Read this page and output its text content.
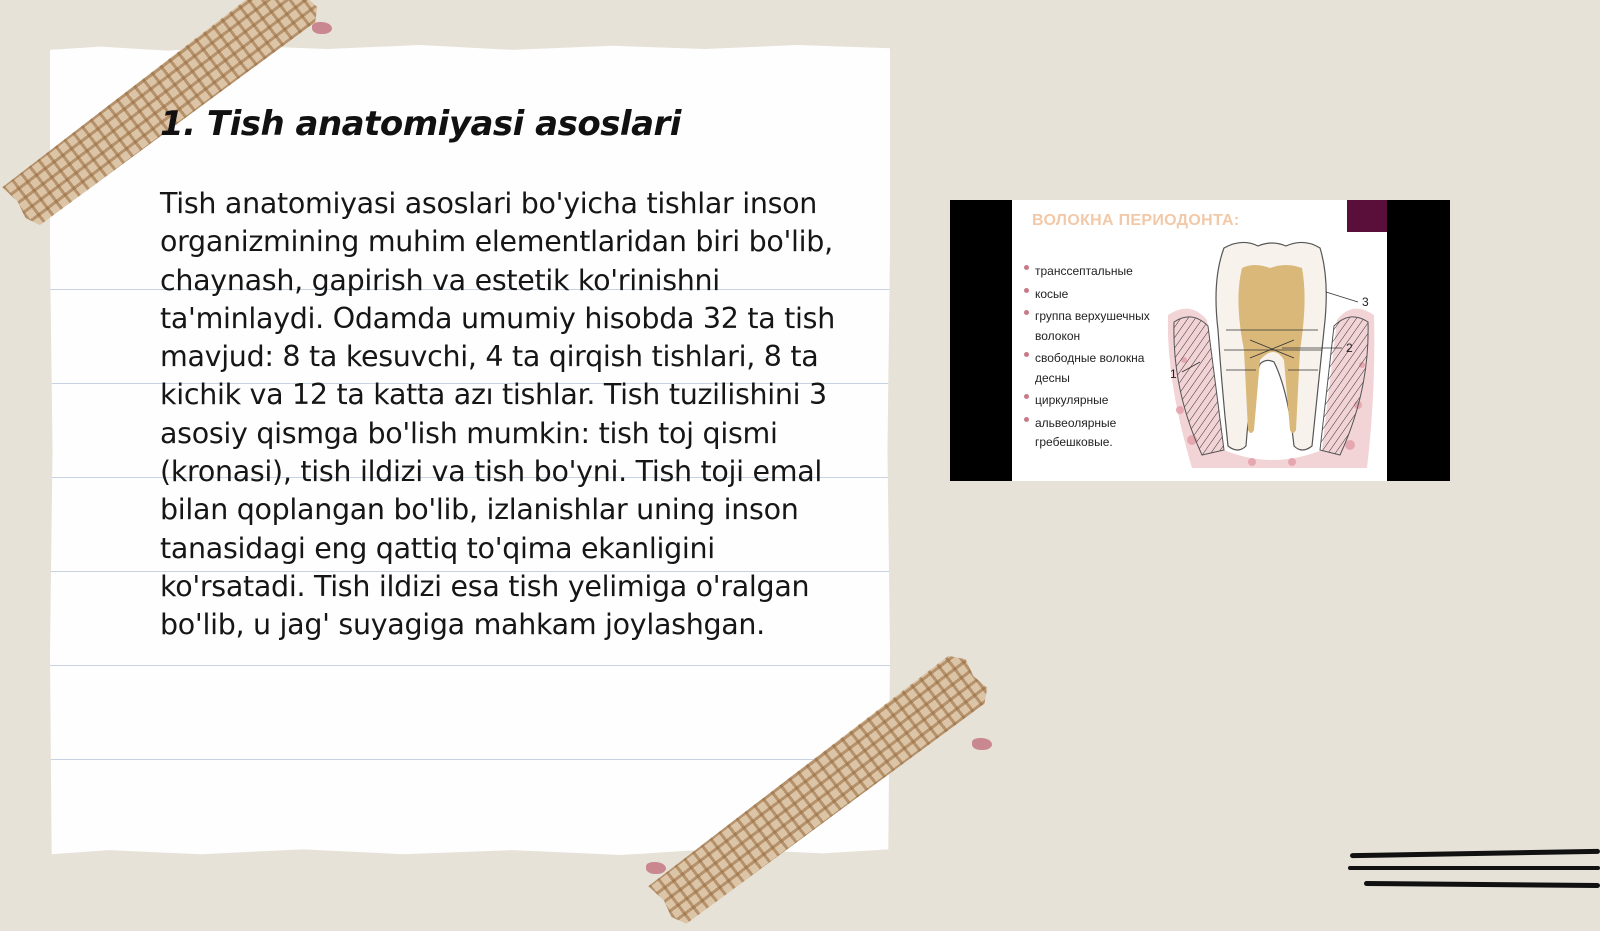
1. Tish anatomiyasi asoslari

Tish anatomiyasi asoslari bo'yicha tishlar inson organizmining muhim elementlaridan biri bo'lib, chaynash, gapirish va estetik ko'rinishni ta'minlaydi. Odamda umumiy hisobda 32 ta tish mavjud: 8 ta kesuvchi, 4 ta qirqish tishlari, 8 ta kichik va 12 ta katta azı tishlar. Tish tuzilishini 3 asosiy qismga bo'lish mumkin: tish toj qismi (kronasi), tish ildizi va tish bo'yni. Tish toji emal bilan qoplangan bo'lib, izlanishlar uning inson tanasidagi eng qattiq to'qima ekanligini ko'rsatadi. Tish ildizi esa tish yelimiga o'ralgan bo'lib, u jag' suyagiga mahkam joylashgan.

ВОЛОКНА ПЕРИОДОНТА:
транссептальные
косые
группа верхушечных волокон
свободные волокна десны
циркулярные
альвеолярные гребешковые.
3
2
1
